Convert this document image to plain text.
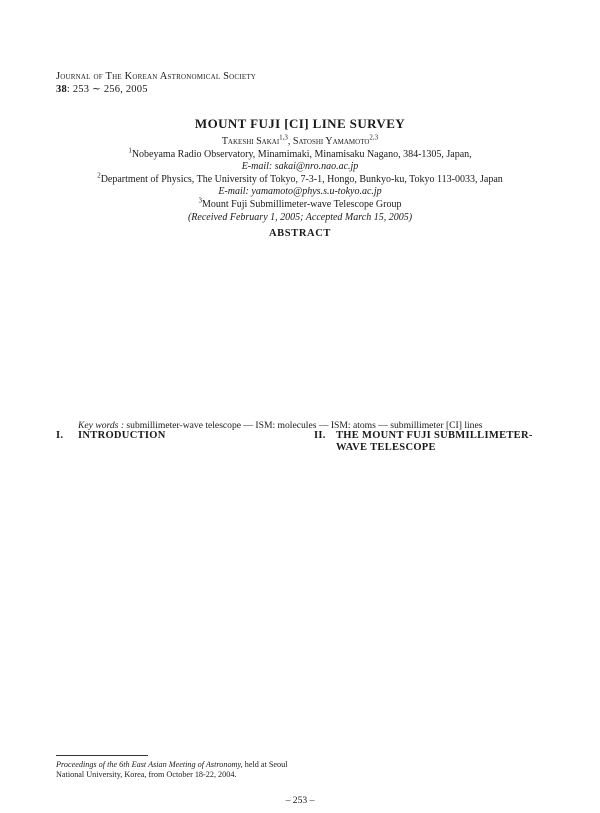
Journal of The Korean Astronomical Society
38: 253 ∼ 256, 2005
MOUNT FUJI [CI] LINE SURVEY
Takeshi Sakai$^{1,3}$, Satoshi Yamamoto$^{2,3}$
$^1$Nobeyama Radio Observatory, Minamimaki, Minamisaku Nagano, 384-1305, Japan,
E-mail: sakai@nro.nao.ac.jp
$^2$Department of Physics, The University of Tokyo, 7-3-1, Hongo, Bunkyo-ku, Tokyo 113-0033, Japan
E-mail: yamamoto@phys.s.u-tokyo.ac.jp
$^3$Mount Fuji Submillimeter-wave Telescope Group
(Received February 1, 2005; Accepted March 15, 2005)
ABSTRACT
Key words : submillimeter-wave telescope — ISM: molecules — ISM: atoms — submillimeter [CI] lines
I. INTRODUCTION	II. THE MOUNT FUJI SUBMILLIMETER-
WAVE TELESCOPE
Proceedings of the 6th East Asian Meeting of Astronomy, held at Seoul National University, Korea, from October 18-22, 2004.
– 253 –
